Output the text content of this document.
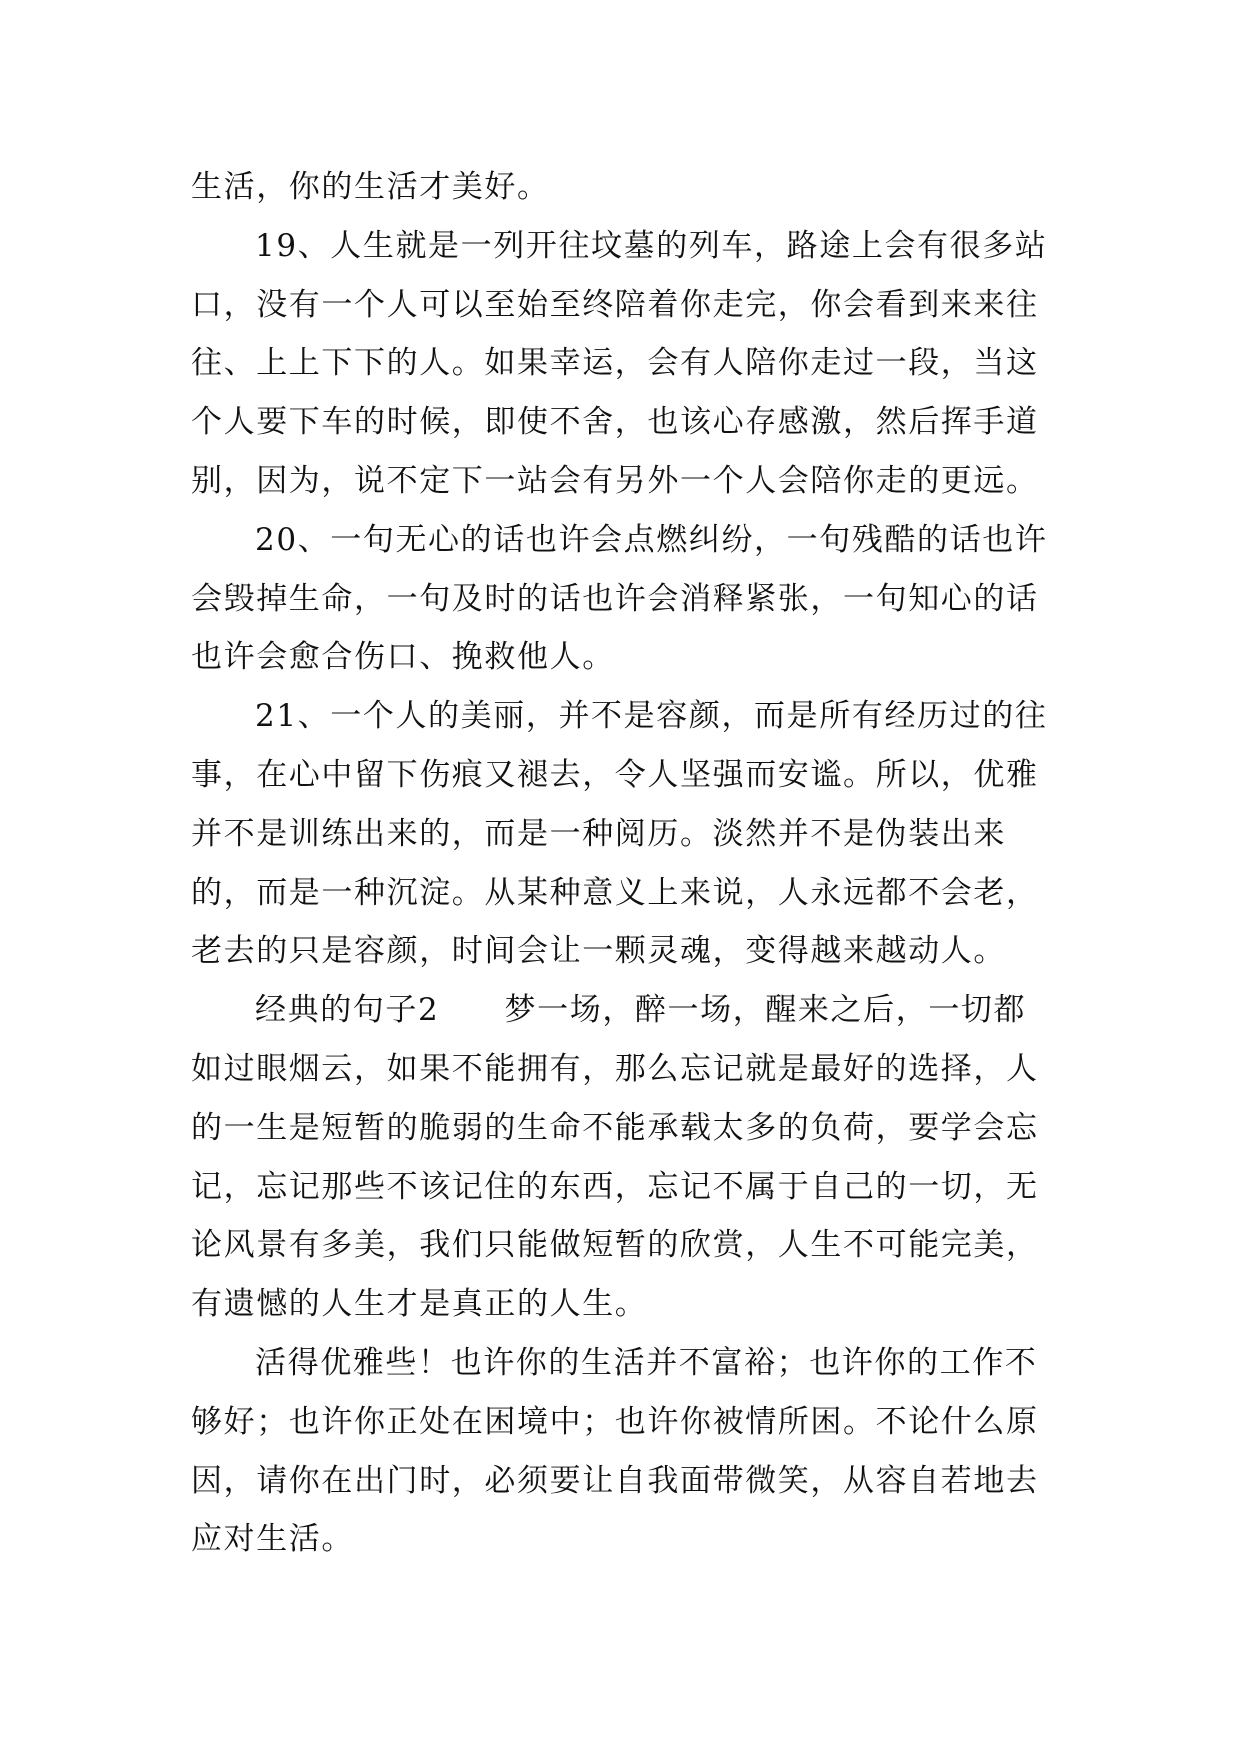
生活，你的生活才美好。

19、人生就是一列开往坟墓的列车，路途上会有很多站口，没有一个人可以至始至终陪着你走完，你会看到来来往往、上上下下的人。如果幸运，会有人陪你走过一段，当这个人要下车的时候，即使不舍，也该心存感激，然后挥手道别，因为，说不定下一站会有另外一个人会陪你走的更远。

20、一句无心的话也许会点燃纠纷，一句残酷的话也许会毁掉生命，一句及时的话也许会消释紧张，一句知心的话也许会愈合伤口、挽救他人。

21、一个人的美丽，并不是容颜，而是所有经历过的往事，在心中留下伤痕又褪去，令人坚强而安谧。所以，优雅并不是训练出来的，而是一种阅历。淡然并不是伪装出来的，而是一种沉淀。从某种意义上来说，人永远都不会老，老去的只是容颜，时间会让一颗灵魂，变得越来越动人。

经典的句子2　　梦一场，醉一场，醒来之后，一切都如过眼烟云，如果不能拥有，那么忘记就是最好的选择，人的一生是短暂的脆弱的生命不能承载太多的负荷，要学会忘记，忘记那些不该记住的东西，忘记不属于自己的一切，无论风景有多美，我们只能做短暂的欣赏，人生不可能完美，有遗憾的人生才是真正的人生。

活得优雅些！也许你的生活并不富裕；也许你的工作不够好；也许你正处在困境中；也许你被情所困。不论什么原因，请你在出门时，必须要让自我面带微笑，从容自若地去应对生活。
